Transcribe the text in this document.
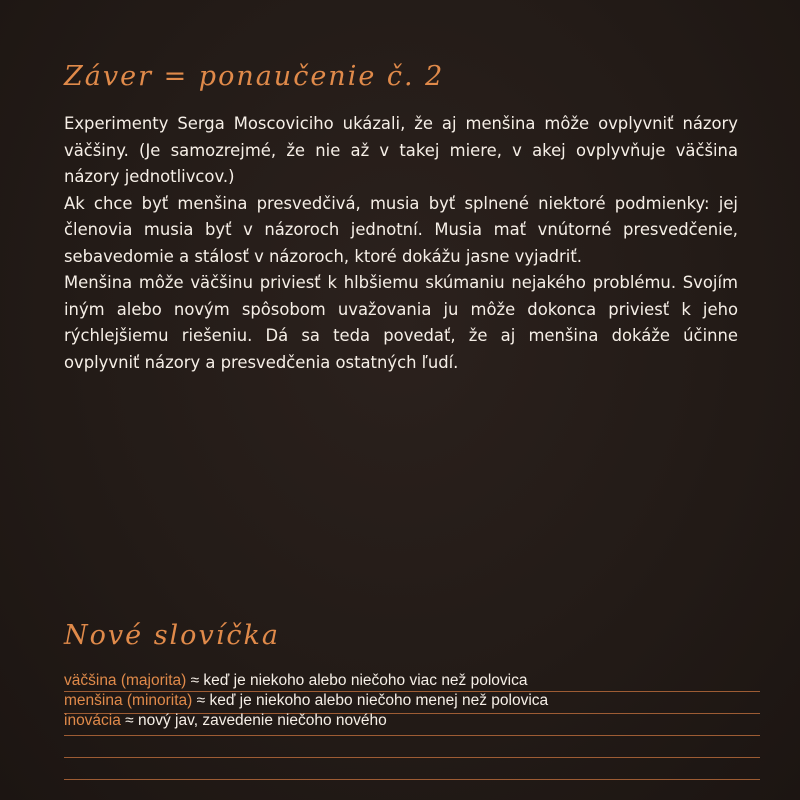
Záver = ponaučenie č. 2

Experimenty Serga Moscoviciho ukázali, že aj menšina môže ovplyvniť názory väčšiny. (Je samozrejmé, že nie až v takej miere, v akej ovplyvňuje väčšina názory jednotlivcov.)

Ak chce byť menšina presvedčivá, musia byť splnené niektoré podmienky: jej členovia musia byť v názoroch jednotní. Musia mať vnútorné presvedčenie, sebavedomie a stálosť v názoroch, ktoré dokážu jasne vyjadriť.

Menšina môže väčšinu priviesť k hlbšiemu skúmaniu nejakého problému. Svojím iným alebo novým spôsobom uvažovania ju môže dokonca priviesť k jeho rýchlejšiemu riešeniu. Dá sa teda povedať, že aj menšina dokáže účinne ovplyvniť názory a presvedčenia ostatných ľudí.

Nové slovíčka
väčšina (majorita) ≈ keď je niekoho alebo niečoho viac než polovica
menšina (minorita) ≈ keď je niekoho alebo niečoho menej než polovica
inovácia ≈ nový jav, zavedenie niečoho nového
